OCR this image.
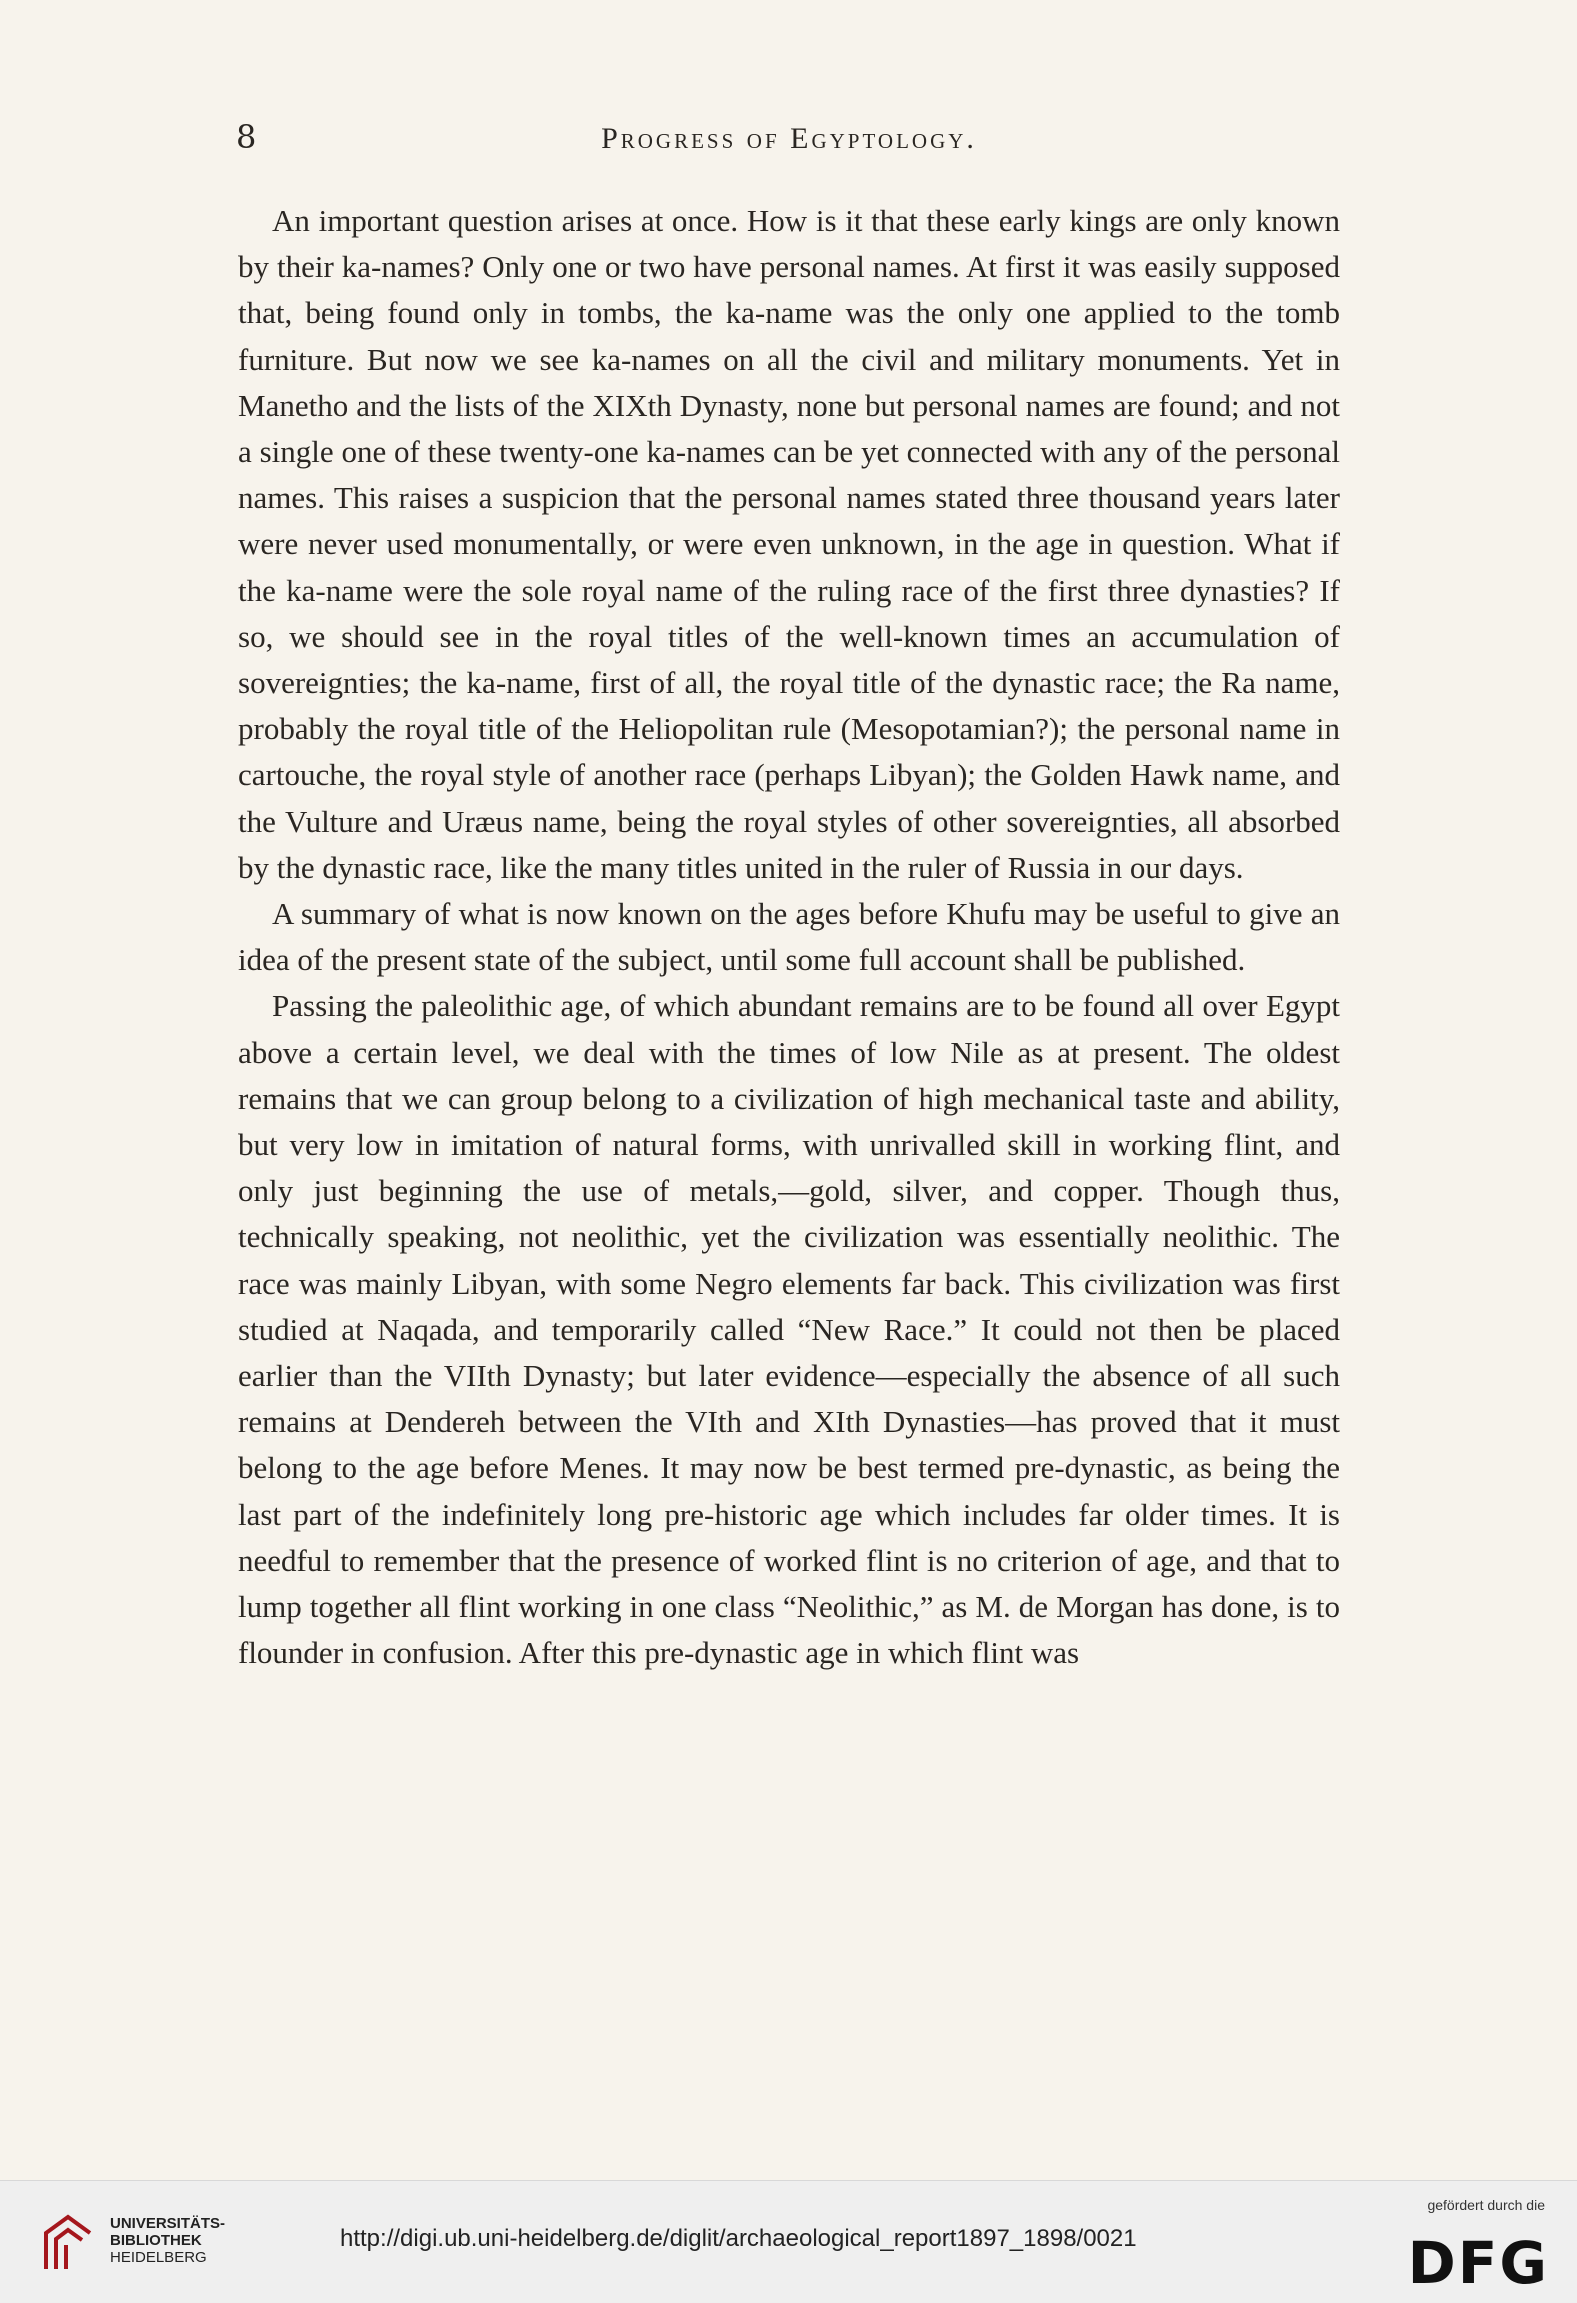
8	Progress of Egyptology.

An important question arises at once. How is it that these early kings are only known by their ka-names? Only one or two have personal names. At first it was easily supposed that, being found only in tombs, the ka-name was the only one applied to the tomb furniture. But now we see ka-names on all the civil and military monuments. Yet in Manetho and the lists of the XIXth Dynasty, none but personal names are found; and not a single one of these twenty-one ka-names can be yet connected with any of the personal names. This raises a suspicion that the personal names stated three thousand years later were never used monumentally, or were even unknown, in the age in question. What if the ka-name were the sole royal name of the ruling race of the first three dynasties? If so, we should see in the royal titles of the well-known times an accumulation of sovereignties; the ka-name, first of all, the royal title of the dynastic race; the Ra name, probably the royal title of the Heliopolitan rule (Mesopotamian?); the personal name in cartouche, the royal style of another race (perhaps Libyan); the Golden Hawk name, and the Vulture and Uræus name, being the royal styles of other sovereignties, all absorbed by the dynastic race, like the many titles united in the ruler of Russia in our days.

A summary of what is now known on the ages before Khufu may be useful to give an idea of the present state of the subject, until some full account shall be published.

Passing the paleolithic age, of which abundant remains are to be found all over Egypt above a certain level, we deal with the times of low Nile as at present. The oldest remains that we can group belong to a civilization of high mechanical taste and ability, but very low in imitation of natural forms, with unrivalled skill in working flint, and only just beginning the use of metals,—gold, silver, and copper. Though thus, technically speaking, not neolithic, yet the civilization was essentially neolithic. The race was mainly Libyan, with some Negro elements far back. This civilization was first studied at Naqada, and temporarily called “New Race.” It could not then be placed earlier than the VIIth Dynasty; but later evidence—especially the absence of all such remains at Dendereh between the VIth and XIth Dynasties—has proved that it must belong to the age before Menes. It may now be best termed pre-dynastic, as being the last part of the indefinitely long pre-historic age which includes far older times. It is needful to remember that the presence of worked flint is no criterion of age, and that to lump together all flint working in one class “Neolithic,” as M. de Morgan has done, is to flounder in confusion. After this pre-dynastic age in which flint was

UNIVERSITÄTS-
BIBLIOTHEK
HEIDELBERG
http://digi.ub.uni-heidelberg.de/diglit/archaeological_report1897_1898/0021
gefördert durch die
DFG
